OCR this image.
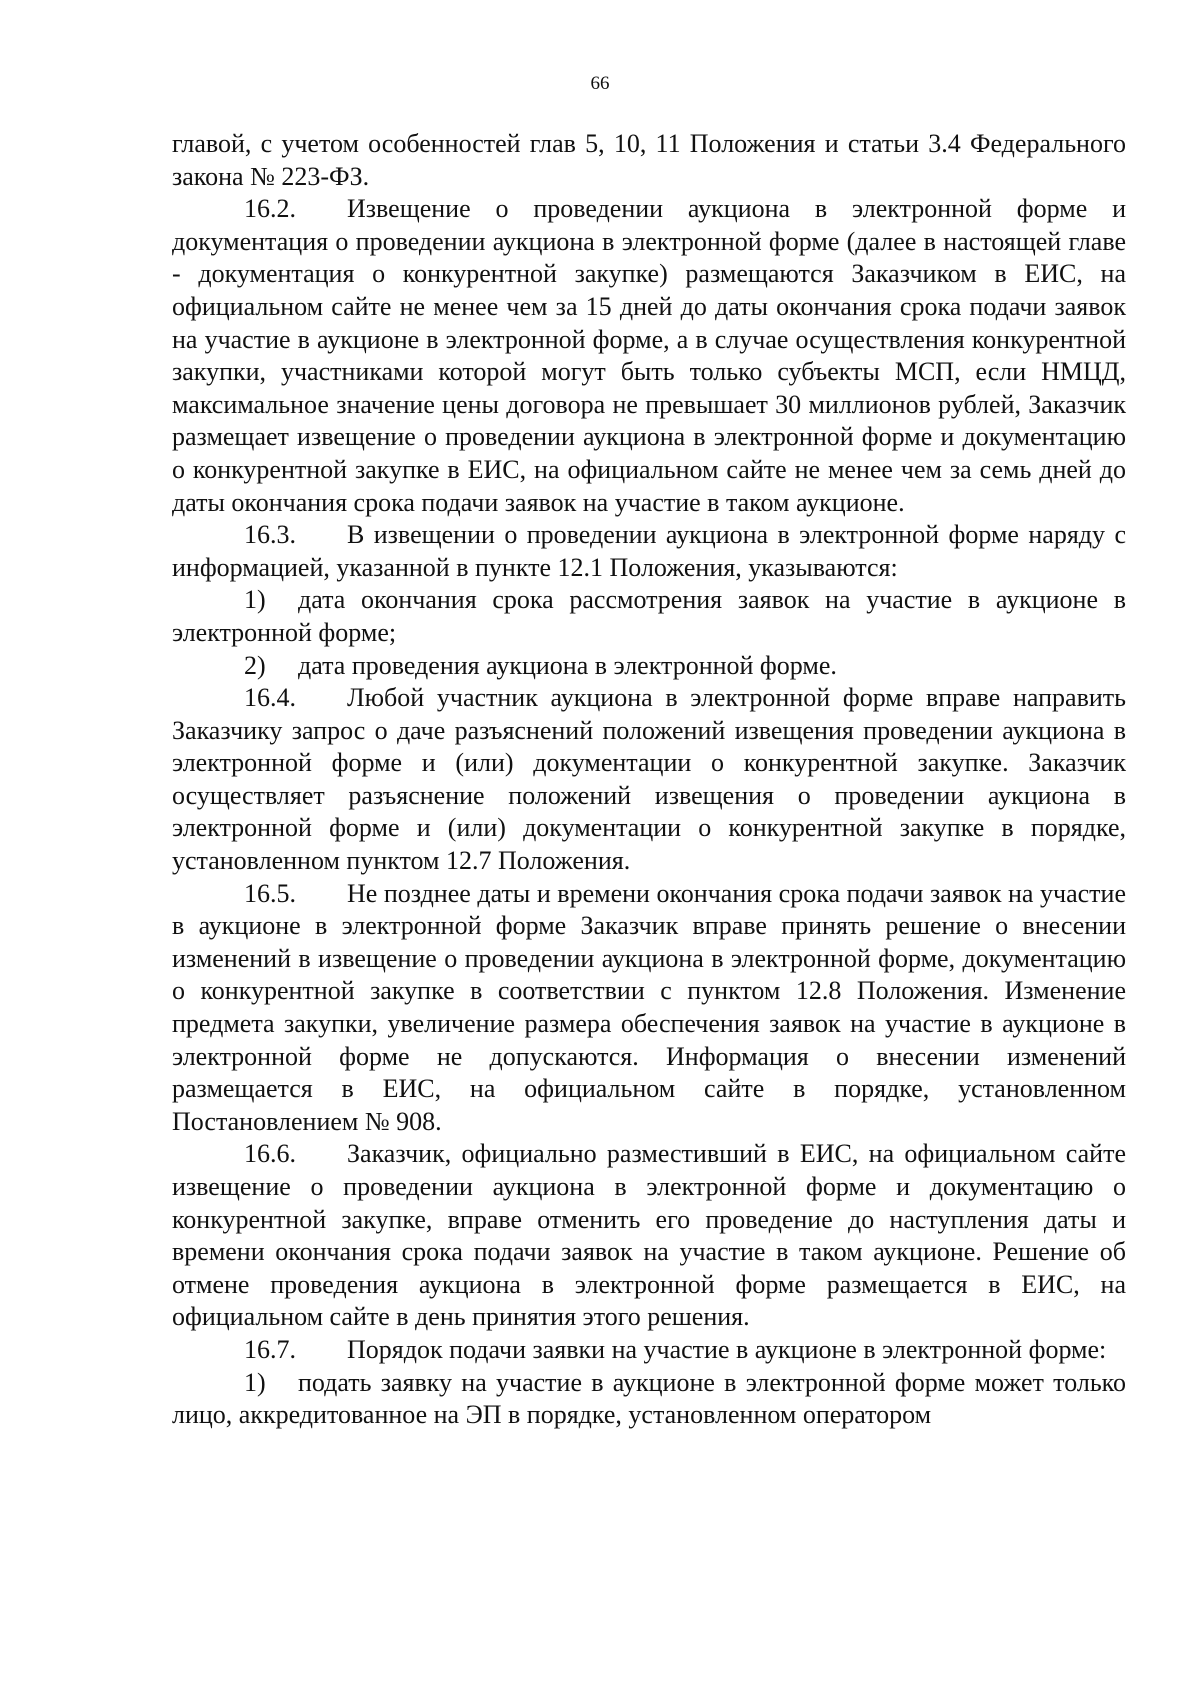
66

главой, с учетом особенностей глав 5, 10, 11 Положения и статьи 3.4 Федерального закона № 223-ФЗ.

16.2. Извещение о проведении аукциона в электронной форме и документация о проведении аукциона в электронной форме (далее в настоящей главе - документация о конкурентной закупке) размещаются Заказчиком в ЕИС, на официальном сайте не менее чем за 15 дней до даты окончания срока подачи заявок на участие в аукционе в электронной форме, а в случае осуществления конкурентной закупки, участниками которой могут быть только субъекты МСП, если НМЦД, максимальное значение цены договора не превышает 30 миллионов рублей, Заказчик размещает извещение о проведении аукциона в электронной форме и документацию о конкурентной закупке в ЕИС, на официальном сайте не менее чем за семь дней до даты окончания срока подачи заявок на участие в таком аукционе.

16.3. В извещении о проведении аукциона в электронной форме наряду с информацией, указанной в пункте 12.1 Положения, указываются:

1) дата окончания срока рассмотрения заявок на участие в аукционе в электронной форме;

2) дата проведения аукциона в электронной форме.

16.4. Любой участник аукциона в электронной форме вправе направить Заказчику запрос о даче разъяснений положений извещения проведении аукциона в электронной форме и (или) документации о конкурентной закупке. Заказчик осуществляет разъяснение положений извещения о проведении аукциона в электронной форме и (или) документации о конкурентной закупке в порядке, установленном пунктом 12.7 Положения.

16.5. Не позднее даты и времени окончания срока подачи заявок на участие в аукционе в электронной форме Заказчик вправе принять решение о внесении изменений в извещение о проведении аукциона в электронной форме, документацию о конкурентной закупке в соответствии с пунктом 12.8 Положения. Изменение предмета закупки, увеличение размера обеспечения заявок на участие в аукционе в электронной форме не допускаются. Информация о внесении изменений размещается в ЕИС, на официальном сайте в порядке, установленном Постановлением № 908.

16.6. Заказчик, официально разместивший в ЕИС, на официальном сайте извещение о проведении аукциона в электронной форме и документацию о конкурентной закупке, вправе отменить его проведение до наступления даты и времени окончания срока подачи заявок на участие в таком аукционе. Решение об отмене проведения аукциона в электронной форме размещается в ЕИС, на официальном сайте в день принятия этого решения.

16.7. Порядок подачи заявки на участие в аукционе в электронной форме:

1) подать заявку на участие в аукционе в электронной форме может только лицо, аккредитованное на ЭП в порядке, установленном оператором
